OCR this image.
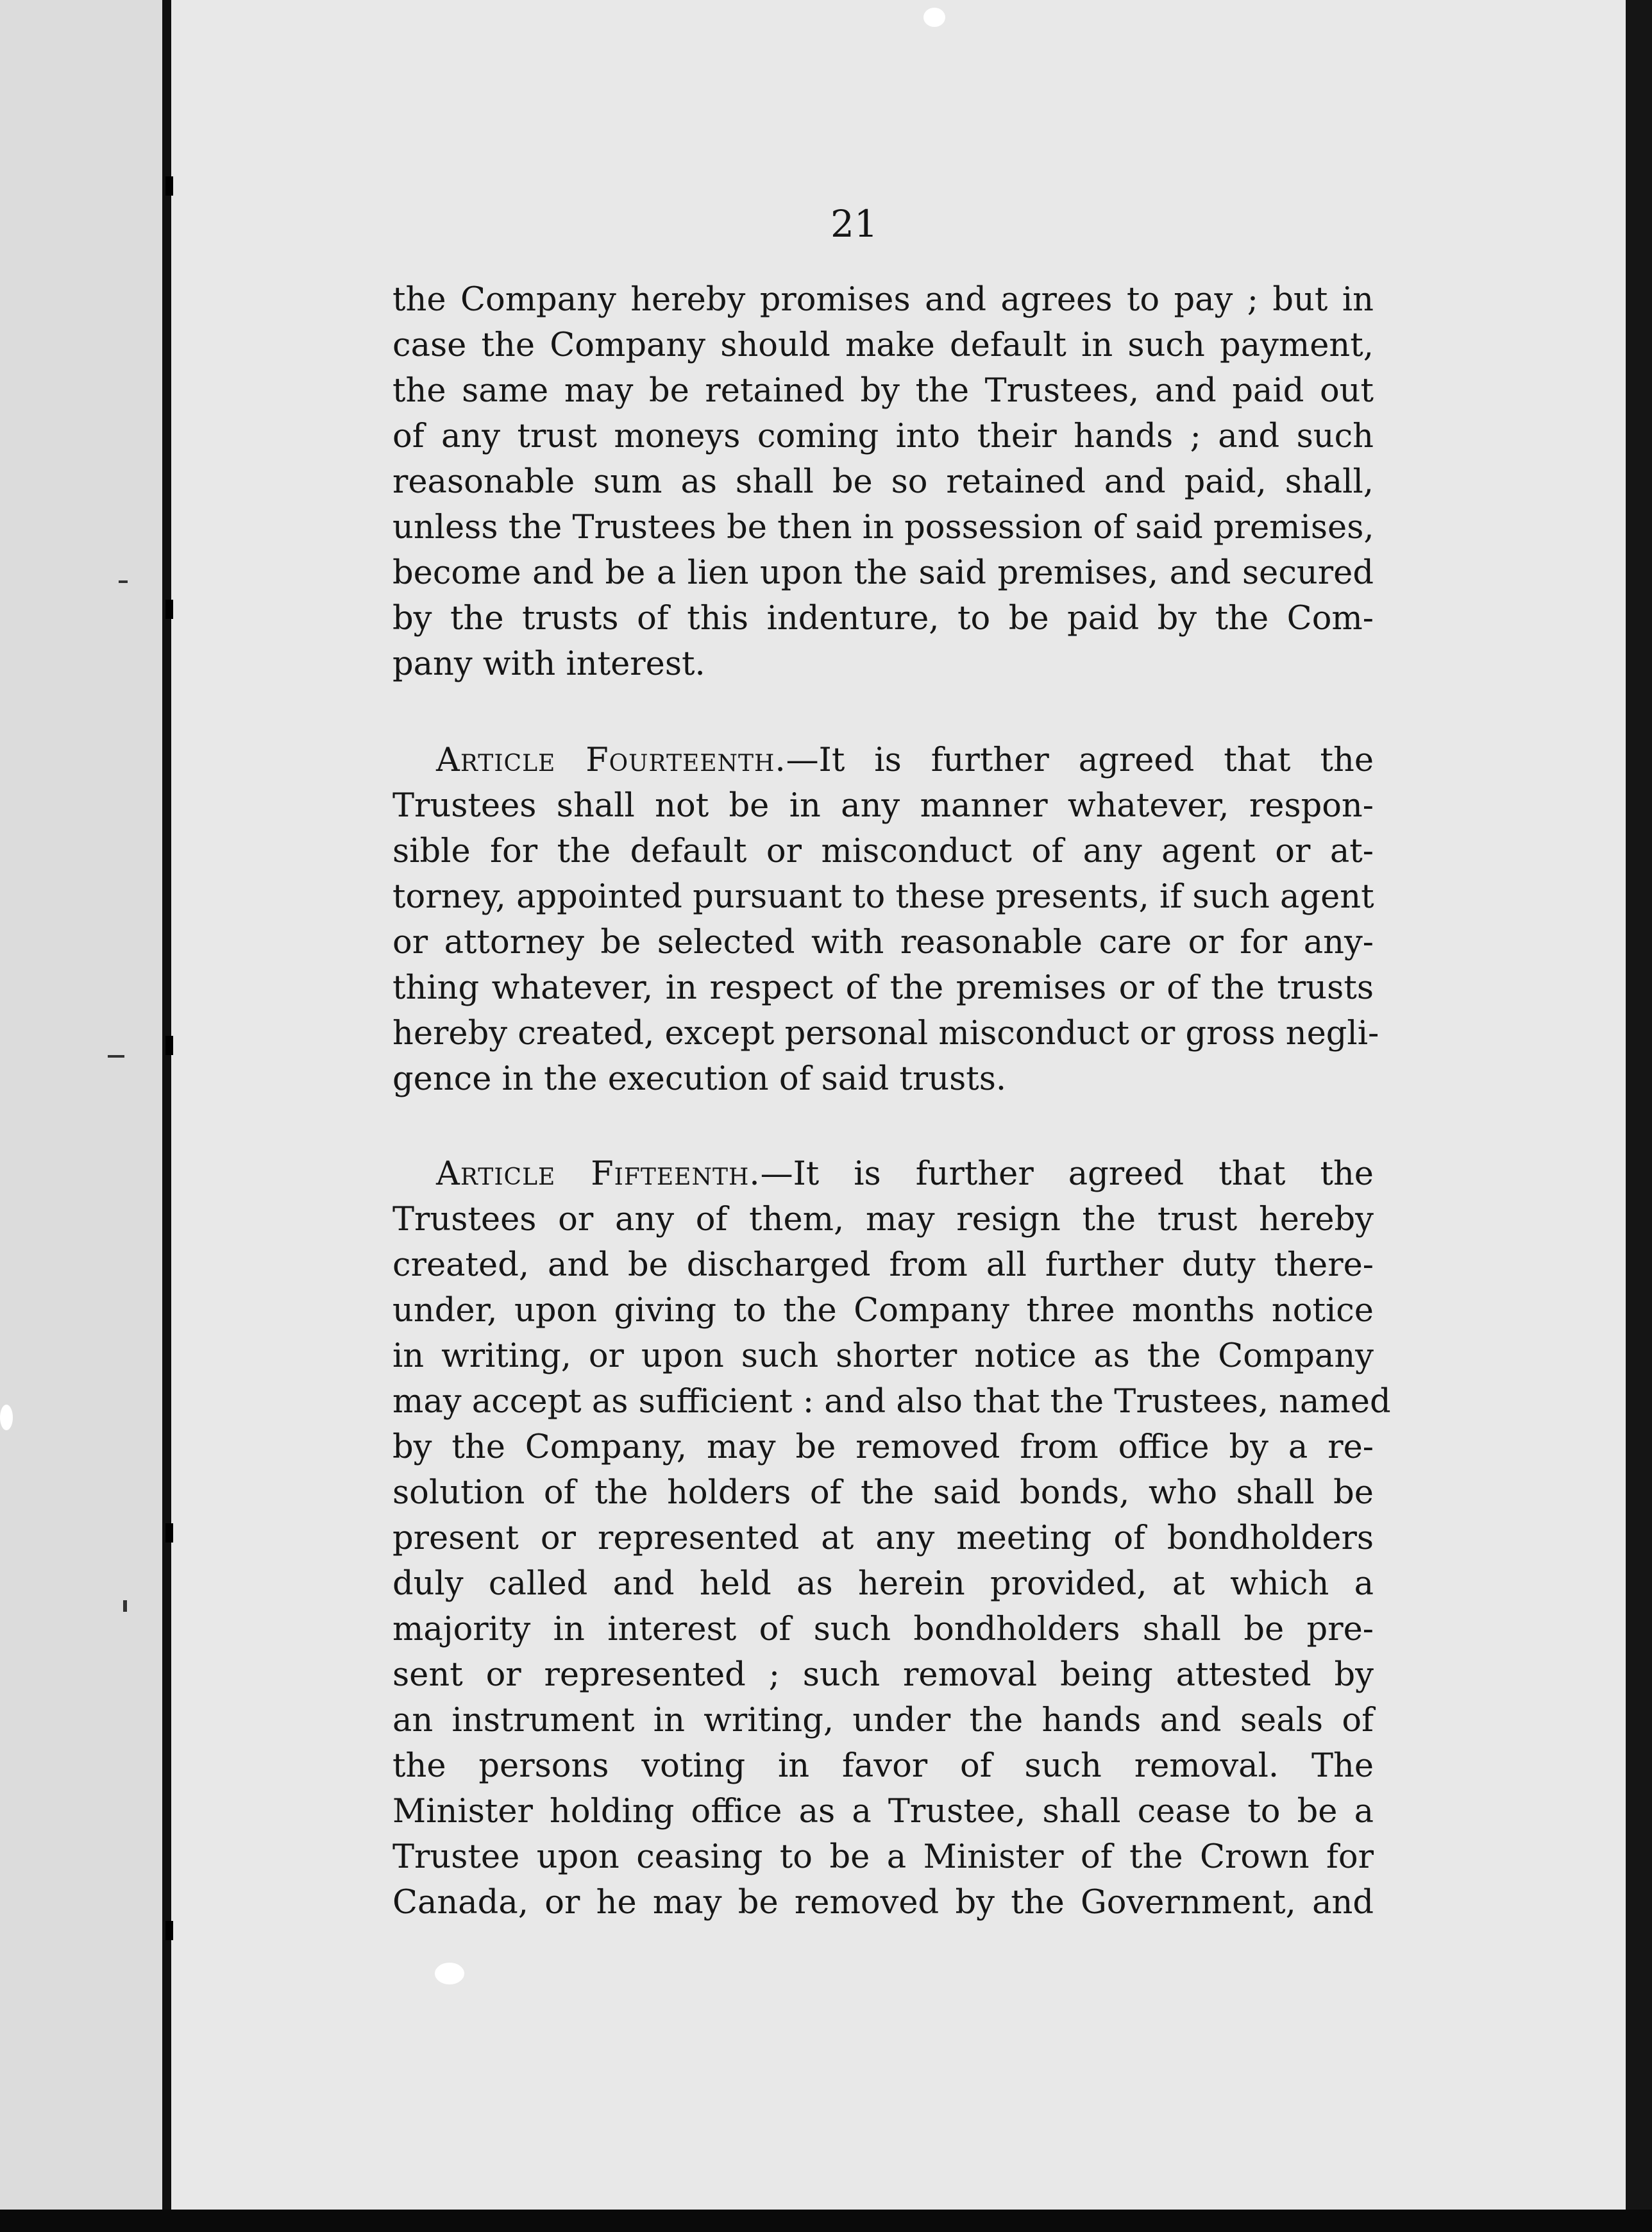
21
the Company hereby promises and agrees to pay ; but in
case the Company should make default in such payment,
the same may be retained by the Trustees, and paid out
of any trust moneys coming into their hands ; and such
reasonable sum as shall be so retained and paid, shall,
unless the Trustees be then in possession of said premises,
become and be a lien upon the said premises, and secured
by the trusts of this indenture, to be paid by the Com-
pany with interest.
Article Fourteenth.—It is further agreed that the
Trustees shall not be in any manner whatever, respon-
sible for the default or misconduct of any agent or at-
torney, appointed pursuant to these presents, if such agent
or attorney be selected with reasonable care or for any-
thing whatever, in respect of the premises or of the trusts
hereby created, except personal misconduct or gross negli-
gence in the execution of said trusts.
Article Fifteenth.—It is further agreed that the
Trustees or any of them, may resign the trust hereby
created, and be discharged from all further duty there-
under, upon giving to the Company three months notice
in writing, or upon such shorter notice as the Company
may accept as sufficient : and also that the Trustees, named
by the Company, may be removed from office by a re-
solution of the holders of the said bonds, who shall be
present or represented at any meeting of bondholders
duly called and held as herein provided, at which a
majority in interest of such bondholders shall be pre-
sent or represented ; such removal being attested by
an instrument in writing, under the hands and seals of
the persons voting in favor of such removal. The
Minister holding office as a Trustee, shall cease to be a
Trustee upon ceasing to be a Minister of the Crown for
Canada, or he may be removed by the Government, and
